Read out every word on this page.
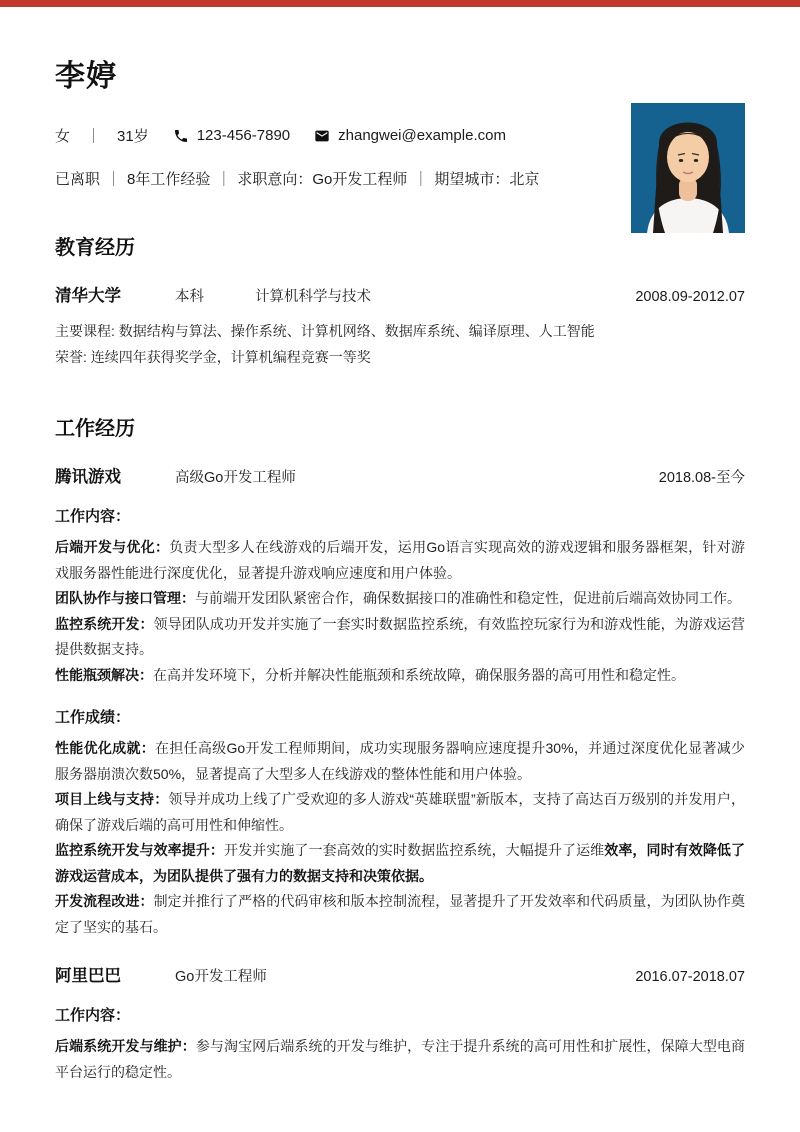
李婷
女	｜	31岁	123-456-7890	zhangwei@example.com
已离职 ｜ 8年工作经验 ｜ 求职意向：Go开发工程师 ｜ 期望城市：北京
教育经历
清华大学	本科	计算机科学与技术	2008.09-2012.07

主要课程: 数据结构与算法、操作系统、计算机网络、数据库系统、编译原理、人工智能

荣誉: 连续四年获得奖学金，计算机编程竞赛一等奖

工作经历
腾讯游戏	高级Go开发工程师	2018.08-至今
工作内容：

后端开发与优化：负责大型多人在线游戏的后端开发，运用Go语言实现高效的游戏逻辑和服务器框架，针对游戏服务器性能进行深度优化，显著提升游戏响应速度和用户体验。

团队协作与接口管理：与前端开发团队紧密合作，确保数据接口的准确性和稳定性，促进前后端高效协同工作。

监控系统开发：领导团队成功开发并实施了一套实时数据监控系统，有效监控玩家行为和游戏性能，为游戏运营提供数据支持。

性能瓶颈解决：在高并发环境下，分析并解决性能瓶颈和系统故障，确保服务器的高可用性和稳定性。

工作成绩：

性能优化成就：在担任高级Go开发工程师期间，成功实现服务器响应速度提升30%，并通过深度优化显著减少服务器崩溃次数50%，显著提高了大型多人在线游戏的整体性能和用户体验。

项目上线与支持：领导并成功上线了广受欢迎的多人游戏“英雄联盟”新版本，支持了高达百万级别的并发用户，确保了游戏后端的高可用性和伸缩性。

监控系统开发与效率提升：开发并实施了一套高效的实时数据监控系统，大幅提升了运维效率，同时有效降低了游戏运营成本，为团队提供了强有力的数据支持和决策依据。

开发流程改进：制定并推行了严格的代码审核和版本控制流程，显著提升了开发效率和代码质量，为团队协作奠定了坚实的基石。

阿里巴巴	Go开发工程师	2016.07-2018.07
工作内容：

后端系统开发与维护：参与淘宝网后端系统的开发与维护，专注于提升系统的高可用性和扩展性，保障大型电商平台运行的稳定性。
